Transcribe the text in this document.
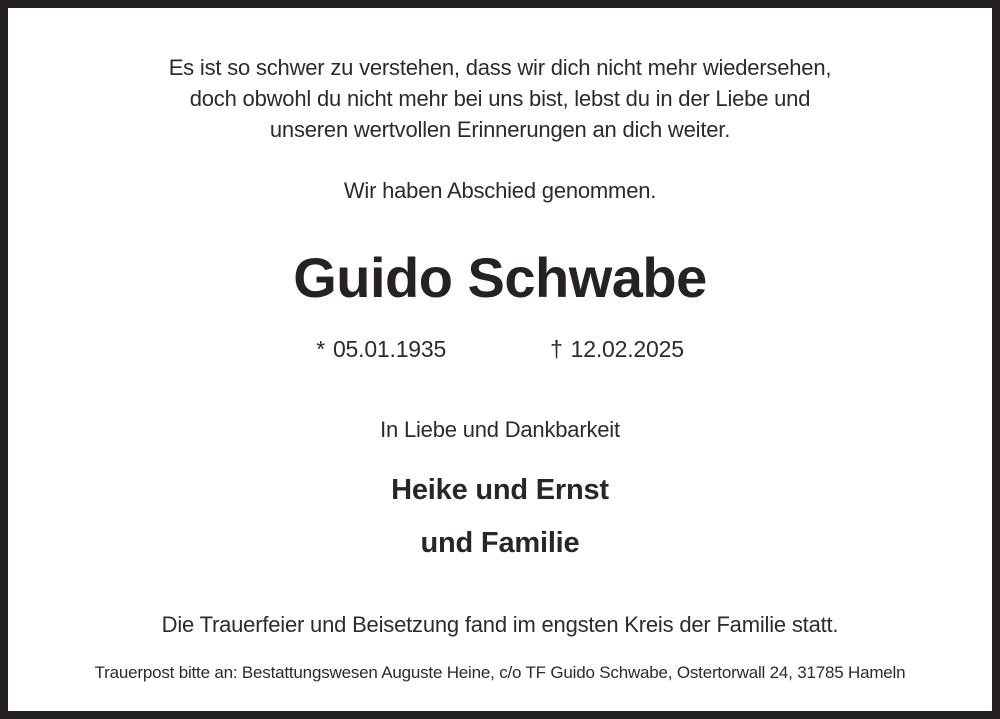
Es ist so schwer zu verstehen, dass wir dich nicht mehr wiedersehen,
doch obwohl du nicht mehr bei uns bist, lebst du in der Liebe und
unseren wertvollen Erinnerungen an dich weiter.
Wir haben Abschied genommen.
Guido Schwabe
* 05.01.1935	† 12.02.2025
In Liebe und Dankbarkeit
Heike und Ernst
und Familie
Die Trauerfeier und Beisetzung fand im engsten Kreis der Familie statt.
Trauerpost bitte an: Bestattungswesen Auguste Heine, c/o TF Guido Schwabe, Ostertorwall 24, 31785 Hameln
